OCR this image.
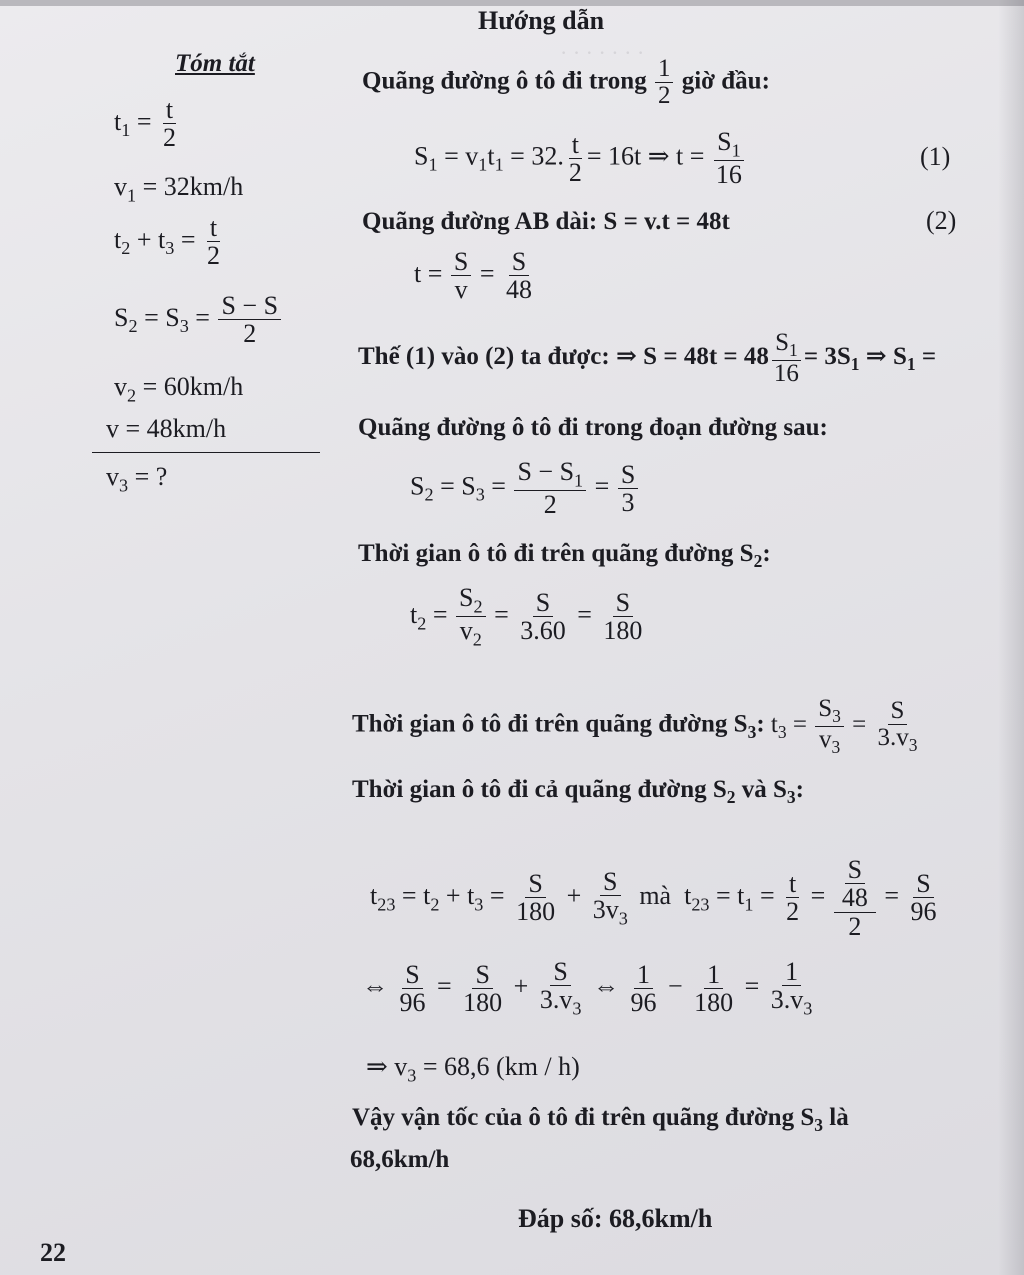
· · · · · · ·
Hướng dẫn
Tóm tắt
$t_1 = \frac{t}{2}$
$v_1 = 32km/h$
$t_2 + t_3 = \frac{t}{2}$
$S_2 = S_3 = \frac{S - S}{2}$
$v_2 = 60km/h$
v = 48km/h
$v_3$ = ?
Quãng đường ô tô đi trong $\frac{1}{2}$ giờ đầu:
$S_1 = v_1t_1 = 32$. $\frac{t}{2} = 16t$ ⇒ $t = \frac{S_1}{16}$	(1)
Quãng đường AB dài: S = v.t = 48t	(2)
$t = \frac{S}{v} = \frac{S}{48}$
Thế (1) vào (2) ta được: ⇒ $S = 48t = 48 \frac{S_1}{16} = 3S_1$ ⇒ $S_1$ =
Quãng đường ô tô đi trong đoạn đường sau:
$S_2 = S_3 = \frac{S - S_1}{2} = \frac{S}{3}$
Thời gian ô tô đi trên quãng đường $S_2$:
$t_2 = \frac{S_2}{v_2} = \frac{S}{3.60} = \frac{S}{180}$
Thời gian ô tô đi trên quãng đường $S_3$: $t_3 = \frac{S_3}{v_3} = \frac{S}{3.v_3}$
Thời gian ô tô đi cả quãng đường $S_2$ và $S_3$:
$t_{23} = t_2 + t_3 = \frac{S}{180} + \frac{S}{3v_3}$ mà  $t_{23} = t_1 = \frac{t}{2} = \frac{\frac{S}{48}}{2} = \frac{S}{96}$
⇔ $\frac{S}{96} = \frac{S}{180} + \frac{S}{3.v_3}$ ⇔ $\frac{1}{96} - \frac{1}{180} = \frac{1}{3.v_3}$
⇒ $v_3 = 68,6$ (km / h)
Vậy vận tốc của ô tô đi trên quãng đường $S_3$ là
68,6km/h
Đáp số: 68,6km/h
22
